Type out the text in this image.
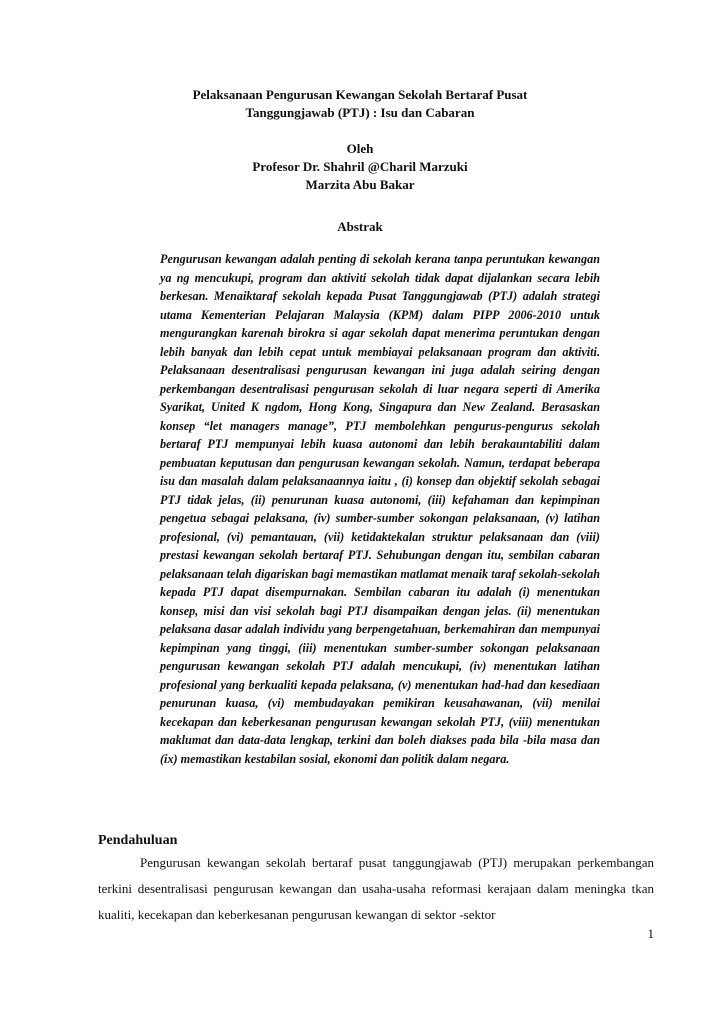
Pelaksanaan Pengurusan Kewangan Sekolah Bertaraf Pusat
Tanggungjawab (PTJ) : Isu dan Cabaran
Oleh
Profesor Dr. Shahril @Charil Marzuki
Marzita Abu Bakar
Abstrak

Pengurusan kewangan adalah penting di sekolah kerana tanpa peruntukan kewangan ya ng mencukupi, program dan aktiviti sekolah tidak dapat dijalankan secara lebih berkesan. Menaiktaraf sekolah kepada Pusat Tanggungjawab (PTJ) adalah strategi utama Kementerian Pelajaran Malaysia (KPM) dalam PIPP 2006-2010 untuk mengurangkan karenah birokra si agar sekolah dapat menerima peruntukan dengan lebih banyak dan lebih cepat untuk membiayai pelaksanaan program dan aktiviti. Pelaksanaan desentralisasi pengurusan kewangan ini juga adalah seiring dengan perkembangan desentralisasi pengurusan sekolah di luar negara seperti di Amerika Syarikat, United K ngdom, Hong Kong, Singapura dan New Zealand. Berasaskan konsep “let managers manage”, PTJ membolehkan pengurus-pengurus sekolah bertaraf PTJ mempunyai lebih kuasa autonomi dan lebih berakauntabiliti dalam pembuatan keputusan dan pengurusan kewangan sekolah. Namun, terdapat beberapa isu dan masalah dalam pelaksanaannya iaitu , (i) konsep dan objektif sekolah sebagai PTJ tidak jelas, (ii) penurunan kuasa autonomi, (iii) kefahaman dan kepimpinan pengetua sebagai pelaksana, (iv) sumber-sumber sokongan pelaksanaan, (v) latihan profesional, (vi) pemantauan, (vii) ketidaktekalan struktur pelaksanaan dan (viii) prestasi kewangan sekolah bertaraf PTJ. Sehubungan dengan itu, sembilan cabaran pelaksanaan telah digariskan bagi memastikan matlamat menaik taraf sekolah-sekolah kepada PTJ dapat disempurnakan. Sembilan cabaran itu adalah (i) menentukan konsep, misi dan visi sekolah bagi PTJ disampaikan dengan jelas. (ii) menentukan pelaksana dasar adalah individu yang berpengetahuan, berkemahiran dan mempunyai kepimpinan yang tinggi, (iii) menentukan sumber-sumber sokongan pelaksanaan pengurusan kewangan sekolah PTJ adalah mencukupi, (iv) menentukan latihan profesional yang berkualiti kepada pelaksana, (v) menentukan had-had dan kesediaan penurunan kuasa, (vi) membudayakan pemikiran keusahawanan, (vii) menilai kecekapan dan keberkesanan pengurusan kewangan sekolah PTJ, (viii) menentukan maklumat dan data-data lengkap, terkini dan boleh diakses pada bila -bila masa dan (ix) memastikan kestabilan sosial, ekonomi dan politik dalam negara.

Pendahuluan

Pengurusan kewangan sekolah bertaraf pusat tanggungjawab (PTJ) merupakan perkembangan terkini desentralisasi pengurusan kewangan dan usaha-usaha reformasi kerajaan dalam meningka tkan kualiti, kecekapan dan keberkesanan pengurusan kewangan di sektor -sektor

1
